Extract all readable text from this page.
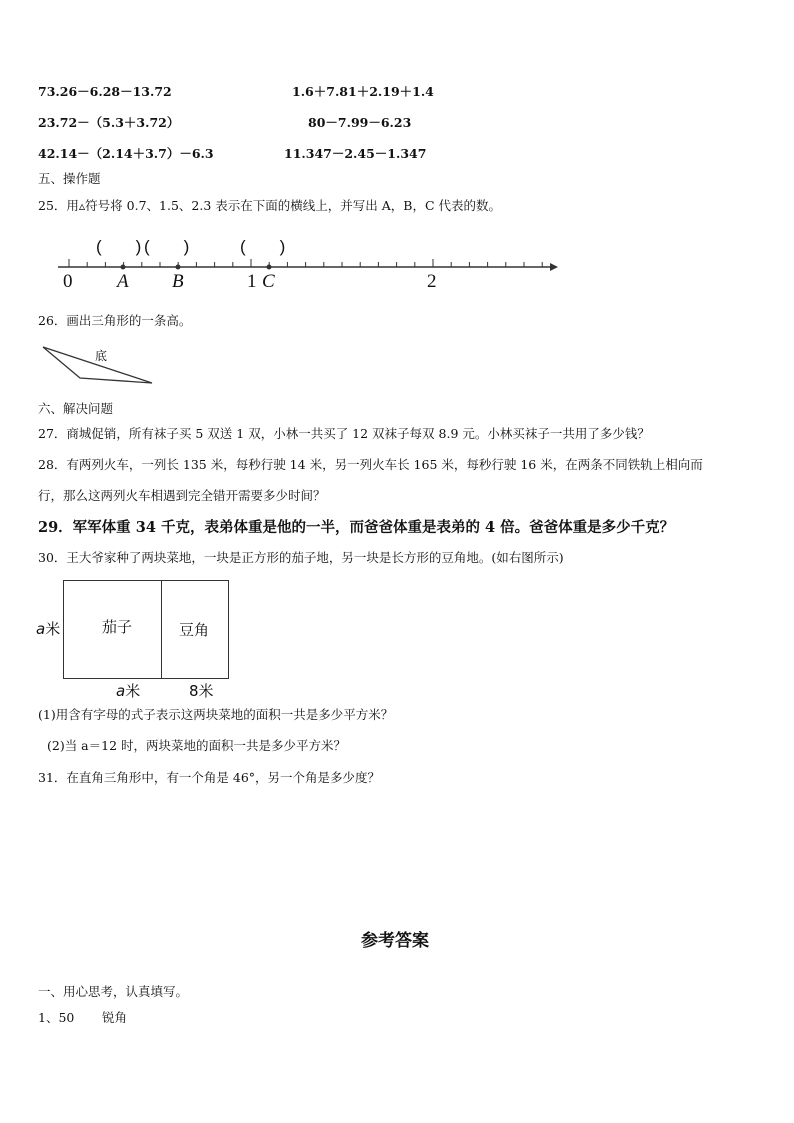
73.26－6.28－13.72	1.6＋7.81＋2.19＋1.4
23.72－（5.3＋3.72）	80－7.99－6.23
42.14－（2.14＋3.7）－6.3	11.347－2.45－1.347
五、操作题
25．用▵符号将 0.7、1.5、2.3 表示在下面的横线上，并写出 A，B，C 代表的数。
(　　) (　　)	(　　)
0 A B	1 C	2
26．画出三角形的一条高。
底
六、解决问题
27．商城促销，所有袜子买 5 双送 1 双，小林一共买了 12 双袜子每双 8.9 元。小林买袜子一共用了多少钱？
28．有两列火车，一列长 135 米，每秒行驶 14 米，另一列火车长 165 米，每秒行驶 16 米，在两条不同铁轨上相向而
行，那么这两列火车相遇到完全错开需要多少时间？
29．军军体重 34 千克，表弟体重是他的一半，而爸爸体重是表弟的 4 倍。爸爸体重是多少千克？
30．王大爷家种了两块菜地，一块是正方形的茄子地，另一块是长方形的豆角地。(如右图所示)
a米	茄子	豆角
a米	8米
(1)用含有字母的式子表示这两块菜地的面积一共是多少平方米？
(2)当 a＝12 时，两块菜地的面积一共是多少平方米？
31．在直角三角形中，有一个角是 46°，另一个角是多少度？
参考答案
一、用心思考，认真填写。
1、50 锐角
